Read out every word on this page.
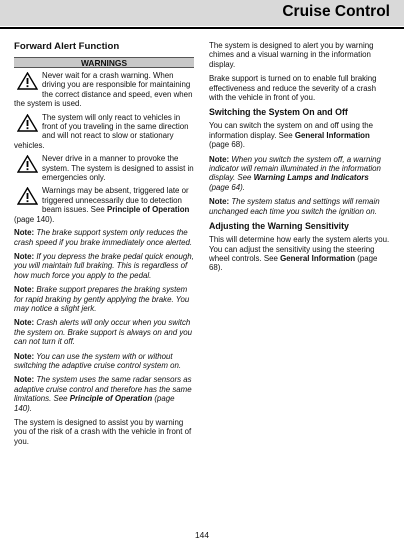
Cruise Control
Forward Alert Function
WARNINGS
Never wait for a crash warning. When driving you are responsible for maintaining the correct distance and speed, even when the system is used.
The system will only react to vehicles in front of you traveling in the same direction and will not react to slow or stationary vehicles.
Never drive in a manner to provoke the system. The system is designed to assist in emergencies only.
Warnings may be absent, triggered late or triggered unnecessarily due to detection beam issues. See Principle of Operation (page 140).
Note: The brake support system only reduces the crash speed if you brake immediately once alerted.
Note: If you depress the brake pedal quick enough, you will maintain full braking. This is regardless of how much force you apply to the pedal.
Note: Brake support prepares the braking system for rapid braking by gently applying the brake. You may notice a slight jerk.
Note: Crash alerts will only occur when you switch the system on. Brake support is always on and you can not turn it off.
Note: You can use the system with or without switching the adaptive cruise control system on.
Note: The system uses the same radar sensors as adaptive cruise control and therefore has the same limitations. See Principle of Operation (page 140).
The system is designed to assist you by warning you of the risk of a crash with the vehicle in front of you.
The system is designed to alert you by warning chimes and a visual warning in the information display.
Brake support is turned on to enable full braking effectiveness and reduce the severity of a crash with the vehicle in front of you.
Switching the System On and Off
You can switch the system on and off using the information display. See General Information (page 68).
Note: When you switch the system off, a warning indicator will remain illuminated in the information display. See Warning Lamps and Indicators (page 64).
Note: The system status and settings will remain unchanged each time you switch the ignition on.
Adjusting the Warning Sensitivity
This will determine how early the system alerts you. You can adjust the sensitivity using the steering wheel controls. See General Information (page 68).
144
